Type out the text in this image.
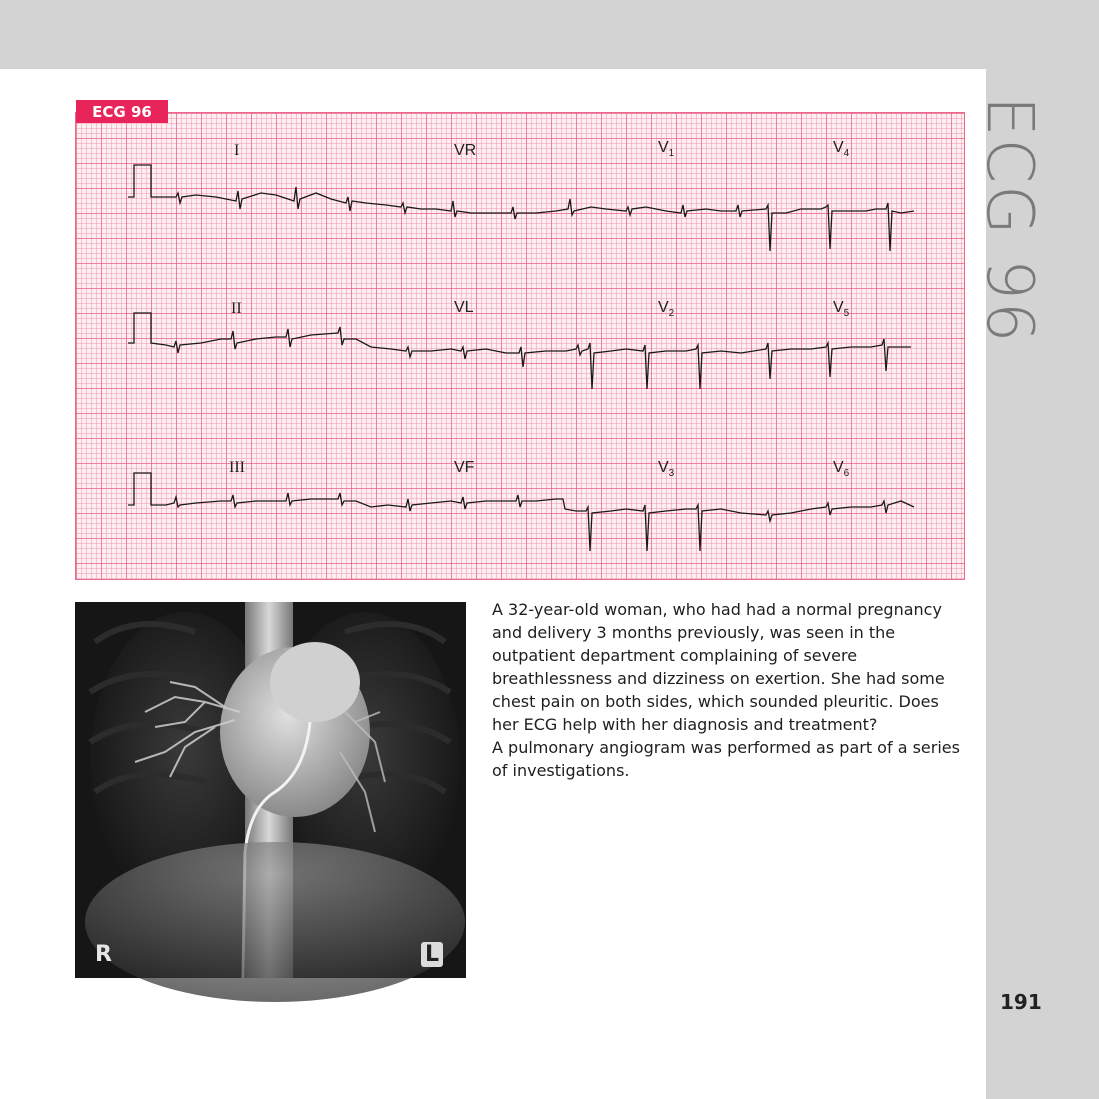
ECG 96
191
I	VR	$V_1$	$V_4$
II	VL	$V_2$	$V_5$
III	VF	$V_3$	$V_6$
ECG 96
R	L

A 32-year-old woman, who had had a normal pregnancy and delivery 3 months previously, was seen in the outpatient department complaining of severe breathlessness and dizziness on exertion. She had some chest pain on both sides, which sounded pleuritic. Does her ECG help with her diagnosis and treatment?

A pulmonary angiogram was performed as part of a series of investigations.
